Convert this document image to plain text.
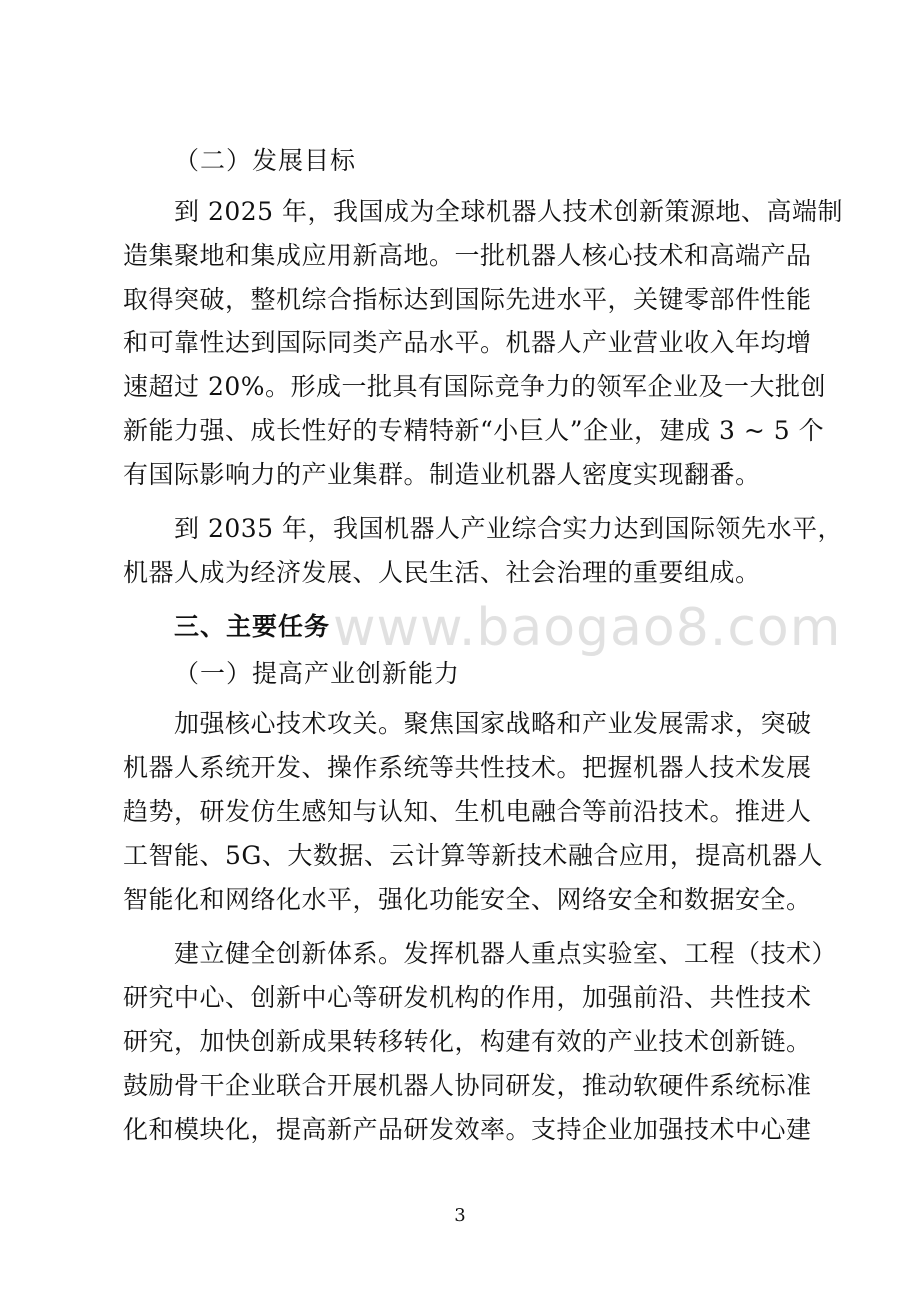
（二）发展目标
到 2025 年，我国成为全球机器人技术创新策源地、高端制
造集聚地和集成应用新高地。一批机器人核心技术和高端产品
取得突破，整机综合指标达到国际先进水平，关键零部件性能
和可靠性达到国际同类产品水平。机器人产业营业收入年均增
速超过 20%。形成一批具有国际竞争力的领军企业及一大批创
新能力强、成长性好的专精特新“小巨人”企业，建成 3 ~ 5 个
有国际影响力的产业集群。制造业机器人密度实现翻番。
到 2035 年，我国机器人产业综合实力达到国际领先水平，
机器人成为经济发展、人民生活、社会治理的重要组成。
三、主要任务
（一）提高产业创新能力
加强核心技术攻关。聚焦国家战略和产业发展需求，突破
机器人系统开发、操作系统等共性技术。把握机器人技术发展
趋势，研发仿生感知与认知、生机电融合等前沿技术。推进人
工智能、5G、大数据、云计算等新技术融合应用，提高机器人
智能化和网络化水平，强化功能安全、网络安全和数据安全。
建立健全创新体系。发挥机器人重点实验室、工程（技术）
研究中心、创新中心等研发机构的作用，加强前沿、共性技术
研究，加快创新成果转移转化，构建有效的产业技术创新链。
鼓励骨干企业联合开展机器人协同研发，推动软硬件系统标准
化和模块化，提高新产品研发效率。支持企业加强技术中心建
www.baogao8.com
3
